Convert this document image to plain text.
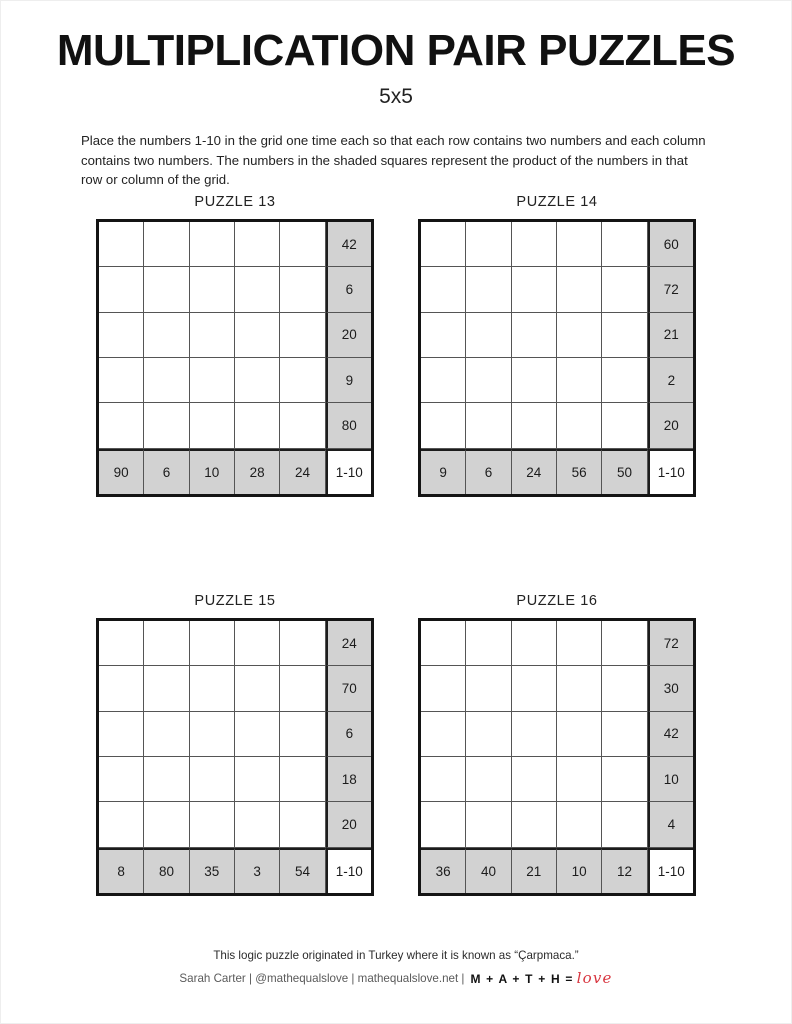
MULTIPLICATION PAIR PUZZLES
5x5

Place the numbers 1-10 in the grid one time each so that each row contains two numbers and each column contains two numbers. The numbers in the shaded squares represent the product of the numbers in that row or column of the grid.

PUZZLE 13
42
6
20
9
80
90	6	10	28	24	1-10
PUZZLE 14
60
72
21
2
20
9	6	24	56	50	1-10
PUZZLE 15
24
70
6
18
20
8	80	35	3	54	1-10
PUZZLE 16
72
30
42
10
4
36	40	21	10	12	1-10
This logic puzzle originated in Turkey where it is known as “Çarpmaca.”
Sarah Carter | @mathequalslove | mathequalslove.net | M + A + T + H = love
